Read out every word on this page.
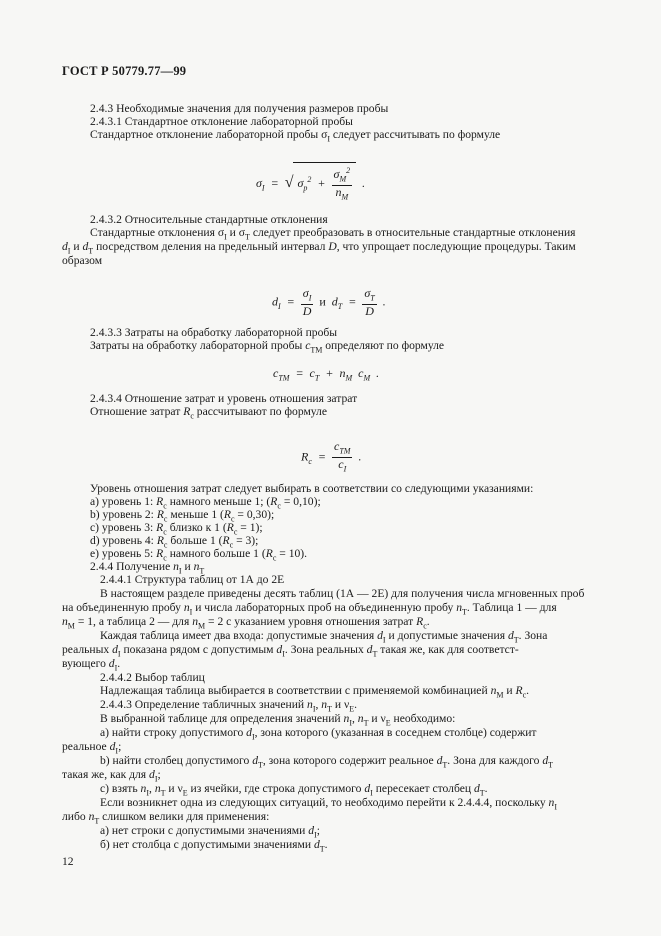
ГОСТ Р 50779.77—99
2.4.3 Необходимые значения для получения размеров пробы
2.4.3.1 Стандартное отклонение лабораторной пробы
Стандартное отклонение лабораторной пробы $\sigma_I$ следует рассчитывать по формуле
$\sigma_I$  =  √ $\sigma_p^2 + \frac{\sigma_M^2}{n_M}$ .
2.4.3.2 Относительные стандартные отклонения
Стандартные отклонения $\sigma_I$ и $\sigma_T$ следует преобразовать в относительные стандартные отклонения
$d_I$ и $d_T$ посредством деления на предельный интервал D, что упрощает последующие процедуры. Таким
образом
$d_I = \frac{\sigma_I}{D}$ и  $d_T = \frac{\sigma_T}{D}$ .
2.4.3.3 Затраты на обработку лабораторной пробы
Затраты на обработку лабораторной пробы $c_{TM}$ определяют по формуле
$c_{TM} = c_T + n_M$  $c_M$  .
2.4.3.4 Отношение затрат и уровень отношения затрат
Отношение затрат $R_c$ рассчитывают по формуле
$R_c = \frac{c_{TM}}{c_I}$ .
Уровень отношения затрат следует выбирать в соответствии со следующими указаниями:
а) уровень 1: $R_c$ намного меньше 1; $(R_c = 0,10)$;
b) уровень 2: $R_c$ меньше 1 $(R_c = 0,30)$;
с) уровень 3: $R_c$ близко к 1 $(R_c = 1)$;
d) уровень 4: $R_c$ больше 1 $(R_c = 3)$;
е) уровень 5: $R_c$ намного больше 1 $(R_c = 10)$.
2.4.4 Получение $n_I$ и $n_T$
2.4.4.1 Структура таблиц от 1А до 2Е
В настоящем разделе приведены десять таблиц (1А — 2Е) для получения числа мгновенных проб
на объединенную пробу $n_I$ и числа лабораторных проб на объединенную пробу $n_T$. Таблица 1 — для
$n_M = 1$, а таблица 2 — для $n_M = 2$ с указанием уровня отношения затрат $R_c$.
Каждая таблица имеет два входа: допустимые значения $d_I$ и допустимые значения $d_T$. Зона
реальных $d_I$ показана рядом с допустимым $d_I$. Зона реальных $d_T$ такая же, как для соответст-
вующего $d_I$.
2.4.4.2 Выбор таблиц
Надлежащая таблица выбирается в соответствии с применяемой комбинацией $n_M$ и $R_c$.
2.4.4.3 Определение табличных значений $n_I$, $n_T$ и $\nu_E$.
В выбранной таблице для определения значений $n_I$, $n_T$ и $\nu_E$ необходимо:
а) найти строку допустимого $d_I$, зона которого (указанная в соседнем столбце) содержит
реальное $d_I$;
b) найти столбец допустимого $d_T$, зона которого содержит реальное $d_T$. Зона для каждого $d_T$
такая же, как для $d_I$;
с) взять $n_I$, $n_T$ и $\nu_E$ из ячейки, где строка допустимого $d_I$ пересекает столбец $d_T$.
Если возникнет одна из следующих ситуаций, то необходимо перейти к 2.4.4.4, поскольку $n_I$
либо $n_T$ слишком велики для применения:
а) нет строки с допустимыми значениями $d_I$;
б) нет столбца с допустимыми значениями $d_T$.
12
